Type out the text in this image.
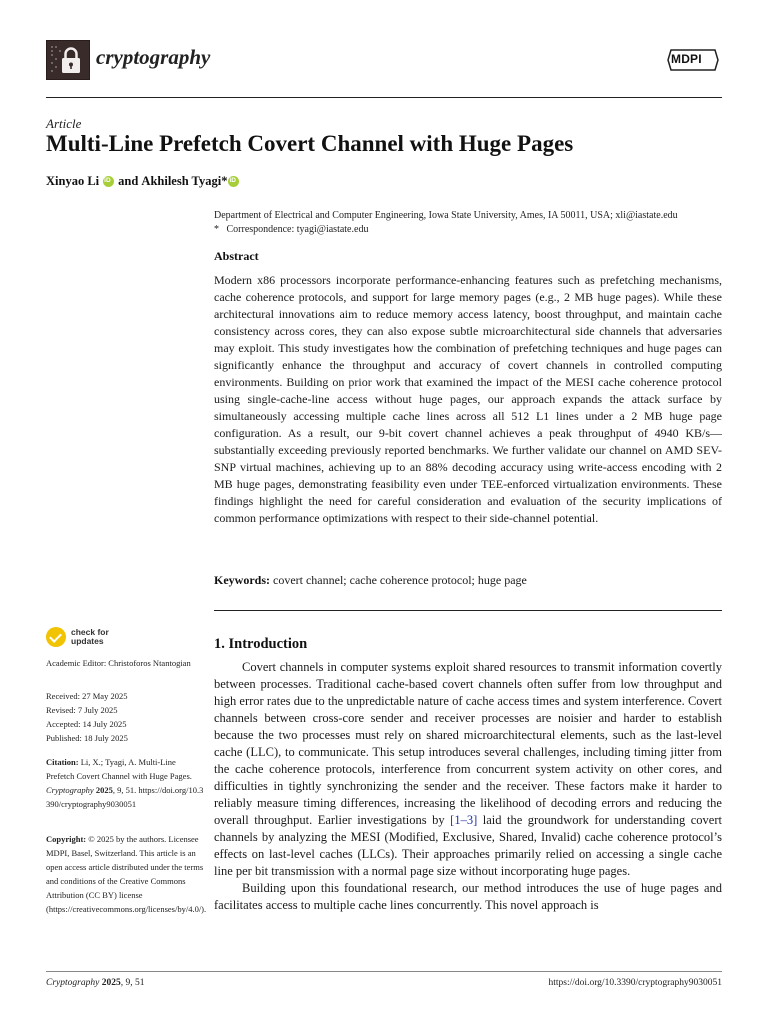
cryptography	MDPI
Article
Multi-Line Prefetch Covert Channel with Huge Pages
Xinyao Li
iD and
Akhilesh Tyagi *
iD
Department of Electrical and Computer Engineering, Iowa State University, Ames, IA 50011, USA; xli@iastate.edu
* Correspondence: tyagi@iastate.edu
Abstract

Modern x86 processors incorporate performance-enhancing features such as prefetching mechanisms, cache coherence protocols, and support for large memory pages (e.g., 2 MB huge pages). While these architectural innovations aim to reduce memory access latency, boost throughput, and maintain cache consistency across cores, they can also expose subtle microarchitectural side channels that adversaries may exploit. This study investigates how the combination of prefetching techniques and huge pages can significantly enhance the throughput and accuracy of covert channels in controlled computing environments. Building on prior work that examined the impact of the MESI cache coherence protocol using single-cache-line access without huge pages, our approach expands the attack surface by simultaneously accessing multiple cache lines across all 512 L1 lines under a 2 MB huge page configuration. As a result, our 9-bit covert channel achieves a peak throughput of 4940 KB/s—substantially exceeding previously reported benchmarks. We further validate our channel on AMD SEV-SNP virtual machines, achieving up to an 88% decoding accuracy using write-access encoding with 2 MB huge pages, demonstrating feasibility even under TEE-enforced virtualization environments. These findings highlight the need for careful consideration and evaluation of the security implications of common performance optimizations with respect to their side-channel potential.

Keywords: covert channel; cache coherence protocol; huge page
check for
updates
Academic Editor: Christoforos Ntantogian

Received: 27 May 2025

Revised: 7 July 2025

Accepted: 14 July 2025

Published: 18 July 2025

Citation: Li, X.; Tyagi, A. Multi-Line Prefetch Covert Channel with Huge Pages. Cryptography 2025, 9, 51. https://doi.org/10.3390/cryptography9030051
Copyright: © 2025 by the authors. Licensee MDPI, Basel, Switzerland. This article is an open access article distributed under the terms and conditions of the Creative Commons Attribution (CC BY) license (https://creativecommons.org/licenses/by/4.0/).
1. Introduction

Covert channels in computer systems exploit shared resources to transmit information covertly between processes. Traditional cache-based covert channels often suffer from low throughput and high error rates due to the unpredictable nature of cache access times and system interference. Covert channels between cross-core sender and receiver processes are noisier and harder to establish because the two processes must rely on shared microarchitectural elements, such as the last-level cache (LLC), to communicate. This setup introduces several challenges, including timing jitter from the cache coherence protocols, interference from concurrent system activity on other cores, and difficulties in tightly synchronizing the sender and the receiver. These factors make it harder to reliably measure timing differences, increasing the likelihood of decoding errors and reducing the overall throughput. Earlier investigations by [1–3] laid the groundwork for understanding covert channels by analyzing the MESI (Modified, Exclusive, Shared, Invalid) cache coherence protocol’s effects on last-level caches (LLCs). Their approaches primarily relied on accessing a single cache line per bit transmission with a normal page size without incorporating huge pages.

Building upon this foundational research, our method introduces the use of huge pages and facilitates access to multiple cache lines concurrently. This novel approach is

Cryptography 2025, 9, 51	https://doi.org/10.3390/cryptography9030051
